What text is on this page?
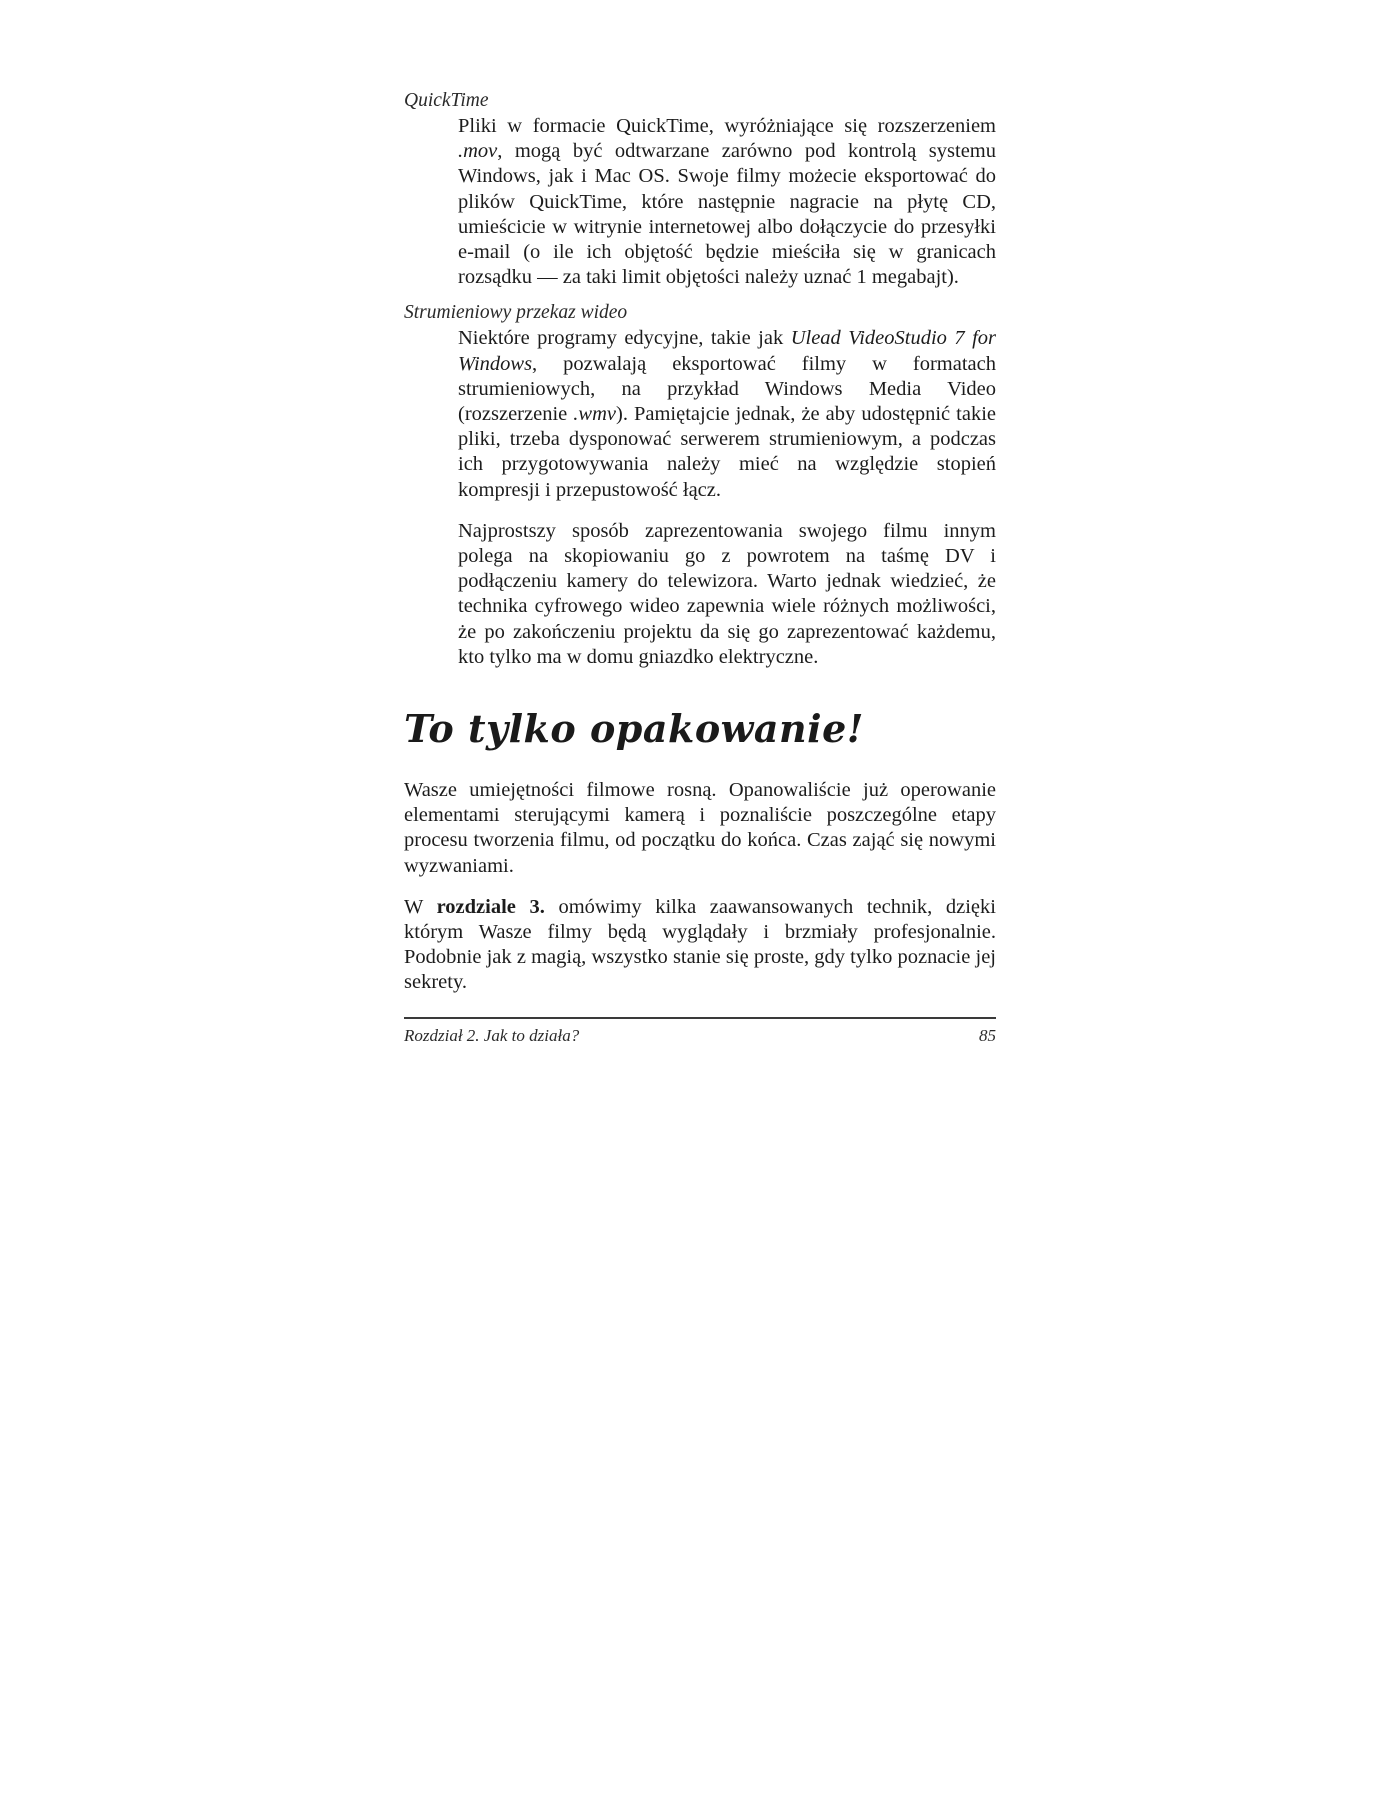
QuickTime

Pliki w formacie QuickTime, wyróżniające się rozszerzeniem .mov, mogą być odtwarzane zarówno pod kontrolą systemu Windows, jak i Mac OS. Swoje filmy możecie eksportować do plików QuickTime, które następnie nagracie na płytę CD, umieścicie w witrynie internetowej albo dołączycie do przesyłki e-mail (o ile ich objętość będzie mieściła się w granicach rozsądku — za taki limit objętości należy uznać 1 megabajt).

Strumieniowy przekaz wideo

Niektóre programy edycyjne, takie jak Ulead VideoStudio 7 for Windows, pozwalają eksportować filmy w formatach strumieniowych, na przykład Windows Media Video (rozszerzenie .wmv). Pamiętajcie jednak, że aby udostępnić takie pliki, trzeba dysponować serwerem strumieniowym, a podczas ich przygotowywania należy mieć na względzie stopień kompresji i przepustowość łącz.

Najprostszy sposób zaprezentowania swojego filmu innym polega na skopiowaniu go z powrotem na taśmę DV i podłączeniu kamery do telewizora. Warto jednak wiedzieć, że technika cyfrowego wideo zapewnia wiele różnych możliwości, że po zakończeniu projektu da się go zaprezentować każdemu, kto tylko ma w domu gniazdko elektryczne.

To tylko opakowanie!

Wasze umiejętności filmowe rosną. Opanowaliście już operowanie elementami sterującymi kamerą i poznaliście poszczególne etapy procesu tworzenia filmu, od początku do końca. Czas zająć się nowymi wyzwaniami.

W rozdziale 3. omówimy kilka zaawansowanych technik, dzięki którym Wasze filmy będą wyglądały i brzmiały profesjonalnie. Podobnie jak z magią, wszystko stanie się proste, gdy tylko poznacie jej sekrety.

Rozdział 2. Jak to działa?	85
